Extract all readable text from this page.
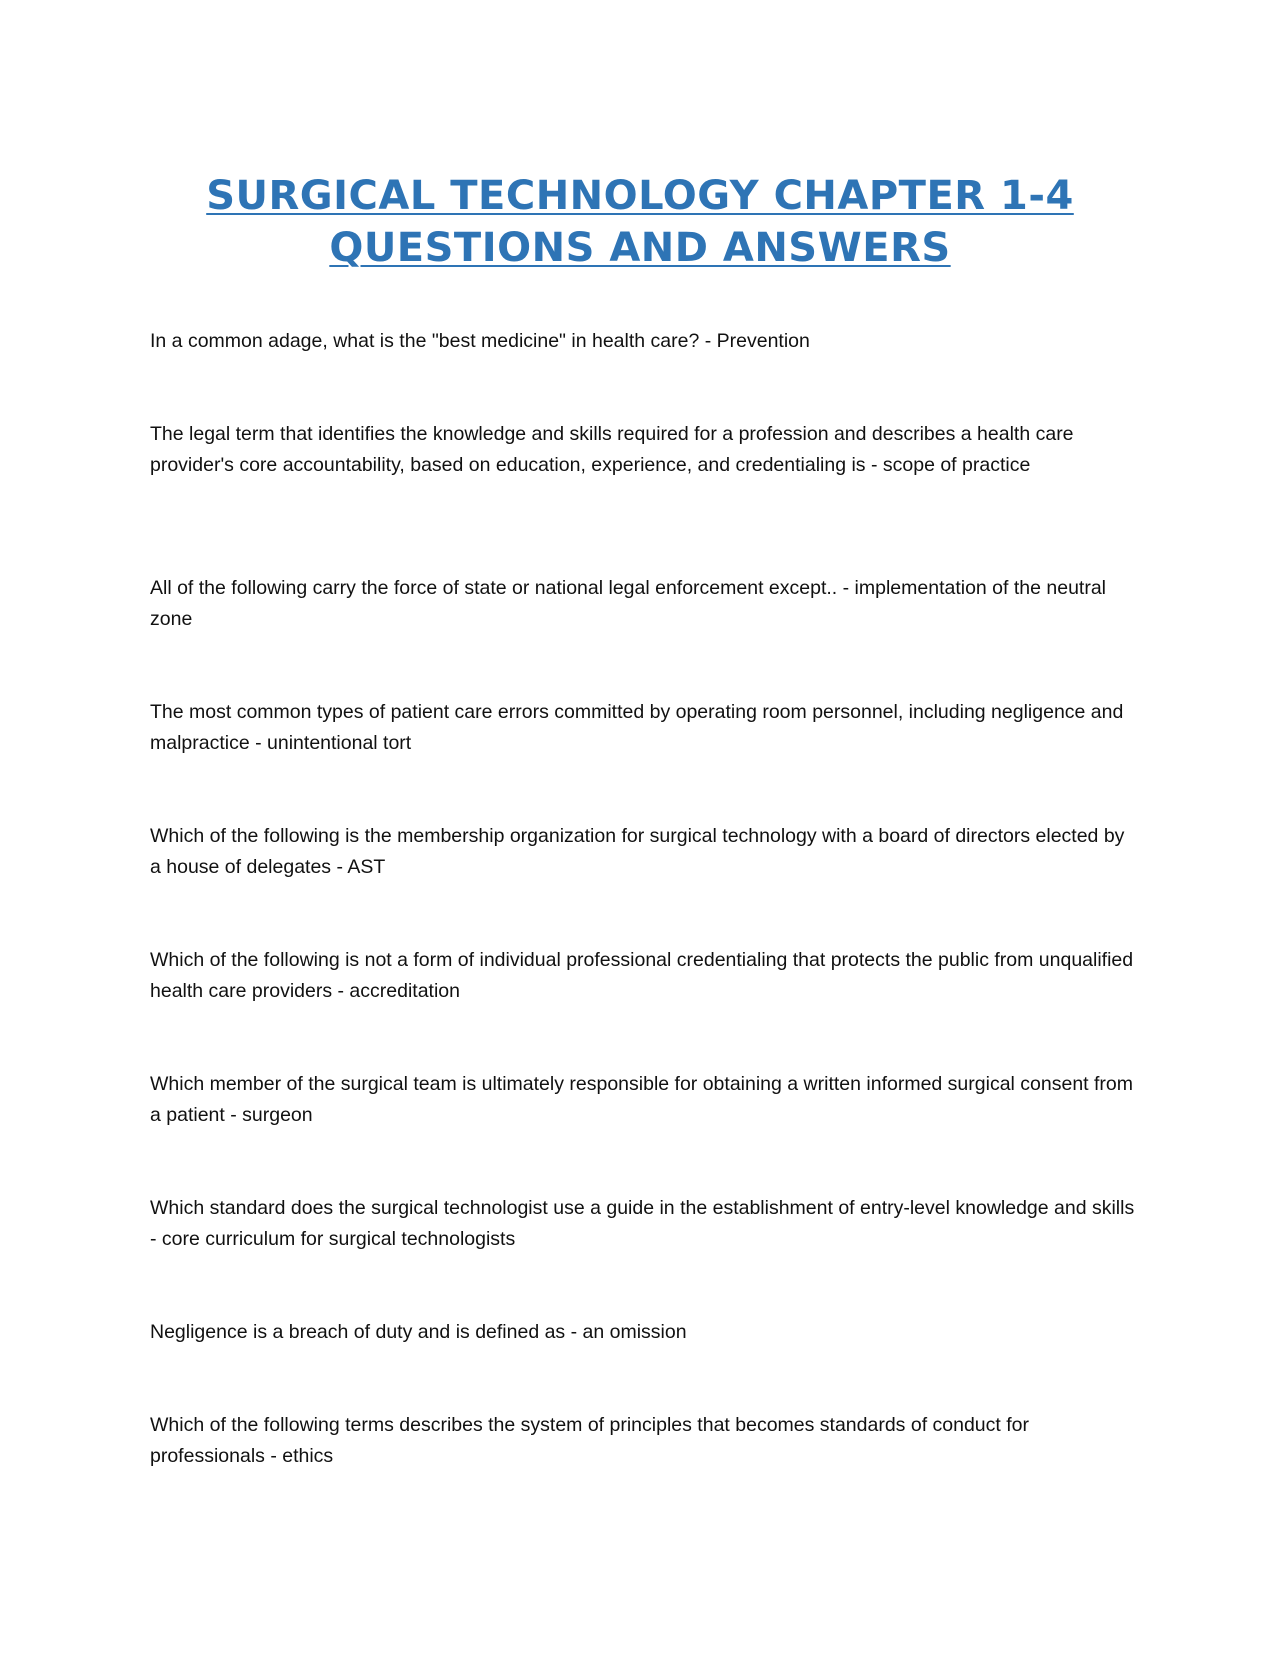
SURGICAL TECHNOLOGY CHAPTER 1-4
QUESTIONS AND ANSWERS

In a common adage, what is the "best medicine" in health care? - Prevention

The legal term that identifies the knowledge and skills required for a profession and describes a health care provider's core accountability, based on education, experience, and credentialing is - scope of practice

All of the following carry the force of state or national legal enforcement except.. - implementation of the neutral zone

The most common types of patient care errors committed by operating room personnel, including negligence and malpractice - unintentional tort

Which of the following is the membership organization for surgical technology with a board of directors elected by a house of delegates - AST

Which of the following is not a form of individual professional credentialing that protects the public from unqualified health care providers - accreditation

Which member of the surgical team is ultimately responsible for obtaining a written informed surgical consent from a patient - surgeon

Which standard does the surgical technologist use a guide in the establishment of entry-level knowledge and skills - core curriculum for surgical technologists

Negligence is a breach of duty and is defined as - an omission

Which of the following terms describes the system of principles that becomes standards of conduct for professionals - ethics
